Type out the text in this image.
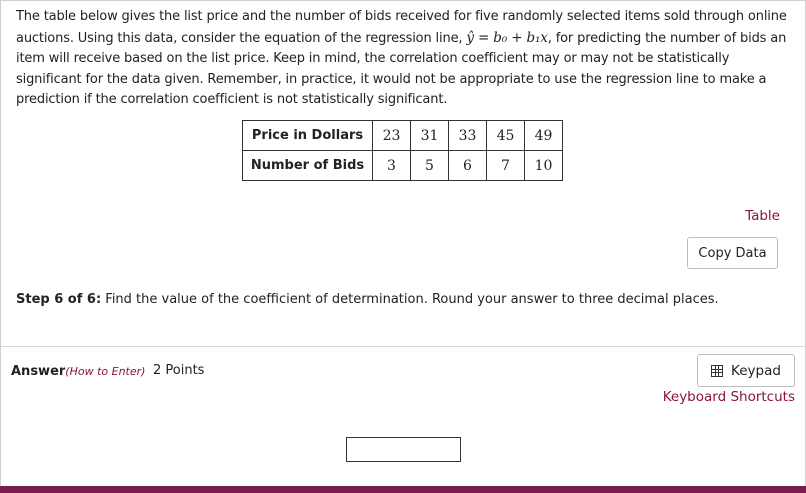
The table below gives the list price and the number of bids received for five randomly selected items sold through online auctions. Using this data, consider the equation of the regression line, ŷ = b₀ + b₁x, for predicting the number of bids an item will receive based on the list price. Keep in mind, the correlation coefficient may or may not be statistically significant for the data given. Remember, in practice, it would not be appropriate to use the regression line to make a prediction if the correlation coefficient is not statistically significant.
Price in Dollars	23	31	33	45	49
Number of Bids	3	5	6	7	10
Table
Copy Data
Step 6 of 6: Find the value of the coefficient of determination. Round your answer to three decimal places.
Answer(How to Enter) 2 Points	Keypad
Keyboard Shortcuts
